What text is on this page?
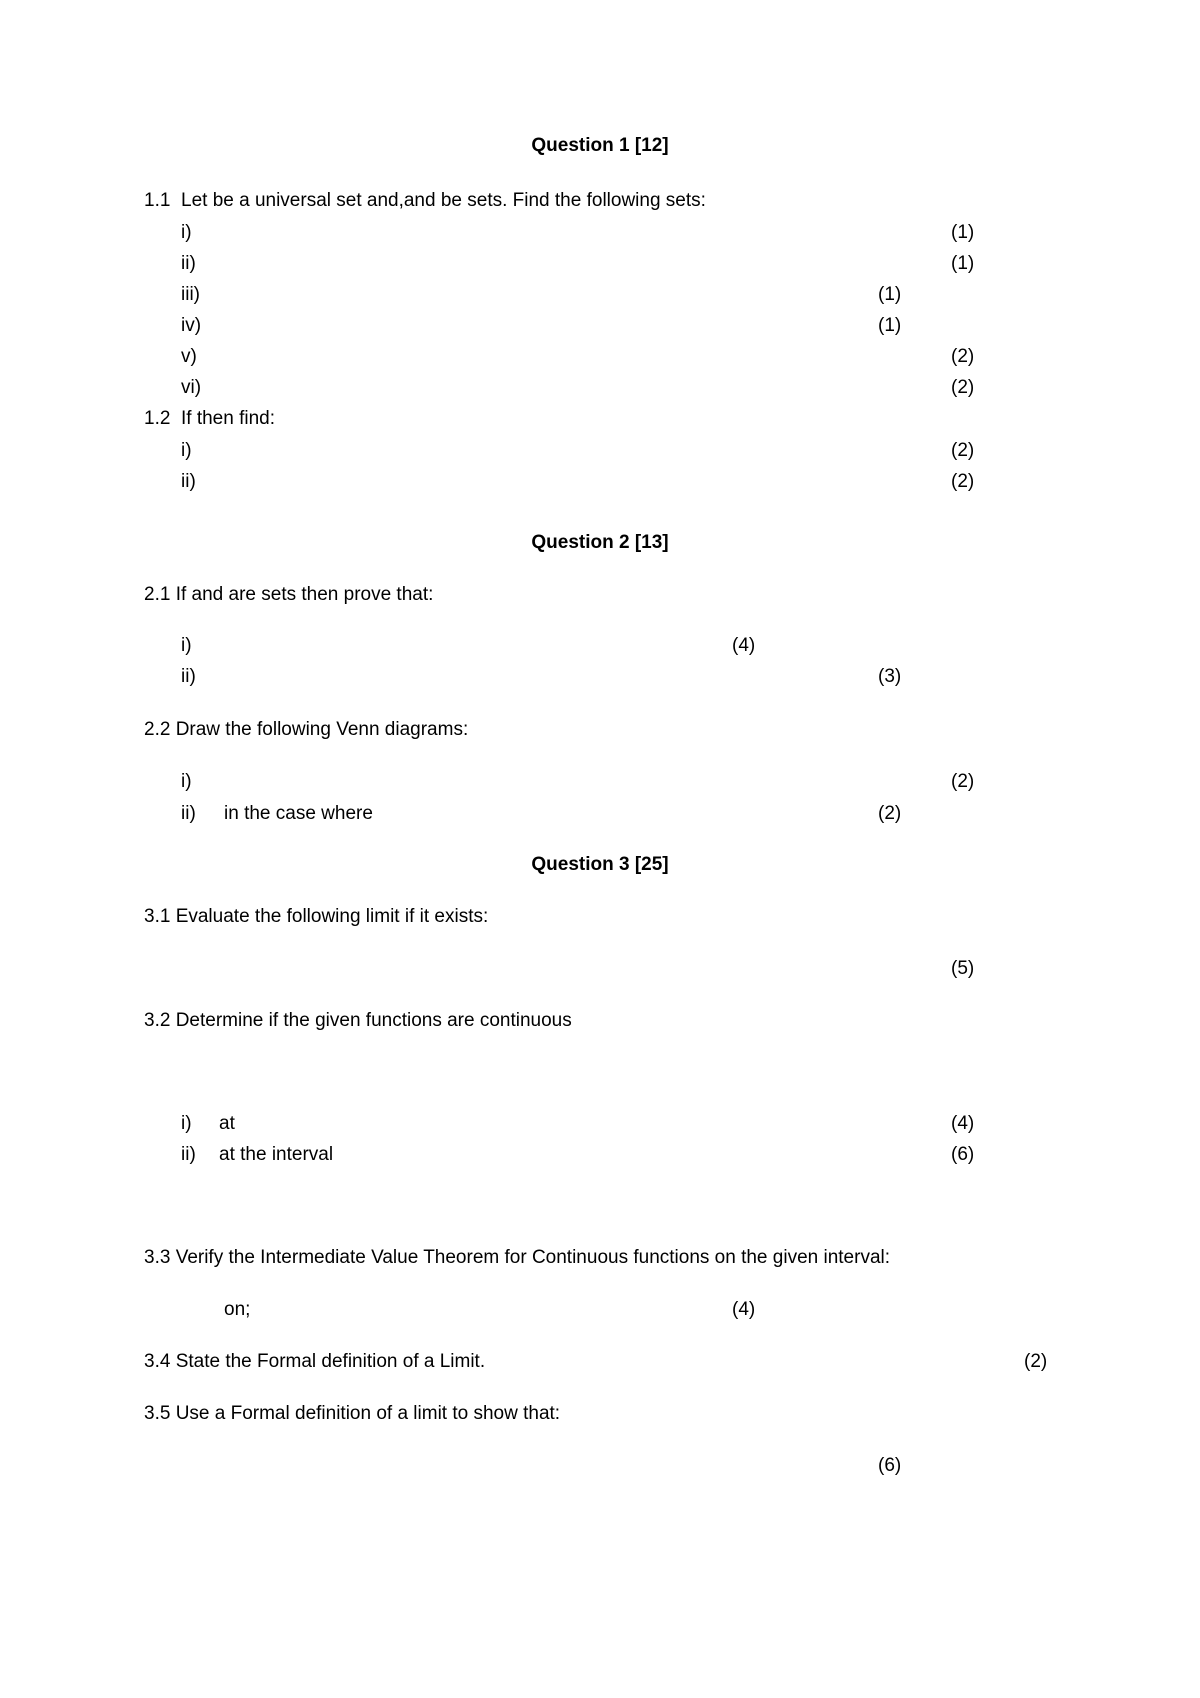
Question 1 [12]
1.1 Let be a universal set and,and be sets. Find the following sets:
i)	(1)
ii)	(1)
iii)	(1)
iv)	(1)
v)	(2)
vi)	(2)
1.2 If then find:
i)	(2)
ii)	(2)
Question 2 [13]
2.1 If and are sets then prove that:
i)	(4)
ii)	(3)
2.2 Draw the following Venn diagrams:
i)	(2)
ii) in the case where	(2)
Question 3 [25]
3.1 Evaluate the following limit if it exists:
(5)
3.2 Determine if the given functions are continuous
i) at	(4)
ii) at the interval	(6)
3.3 Verify the Intermediate Value Theorem for Continuous functions on the given interval:
on;	(4)
3.4 State the Formal definition of a Limit.	(2)
3.5 Use a Formal definition of a limit to show that:
(6)
